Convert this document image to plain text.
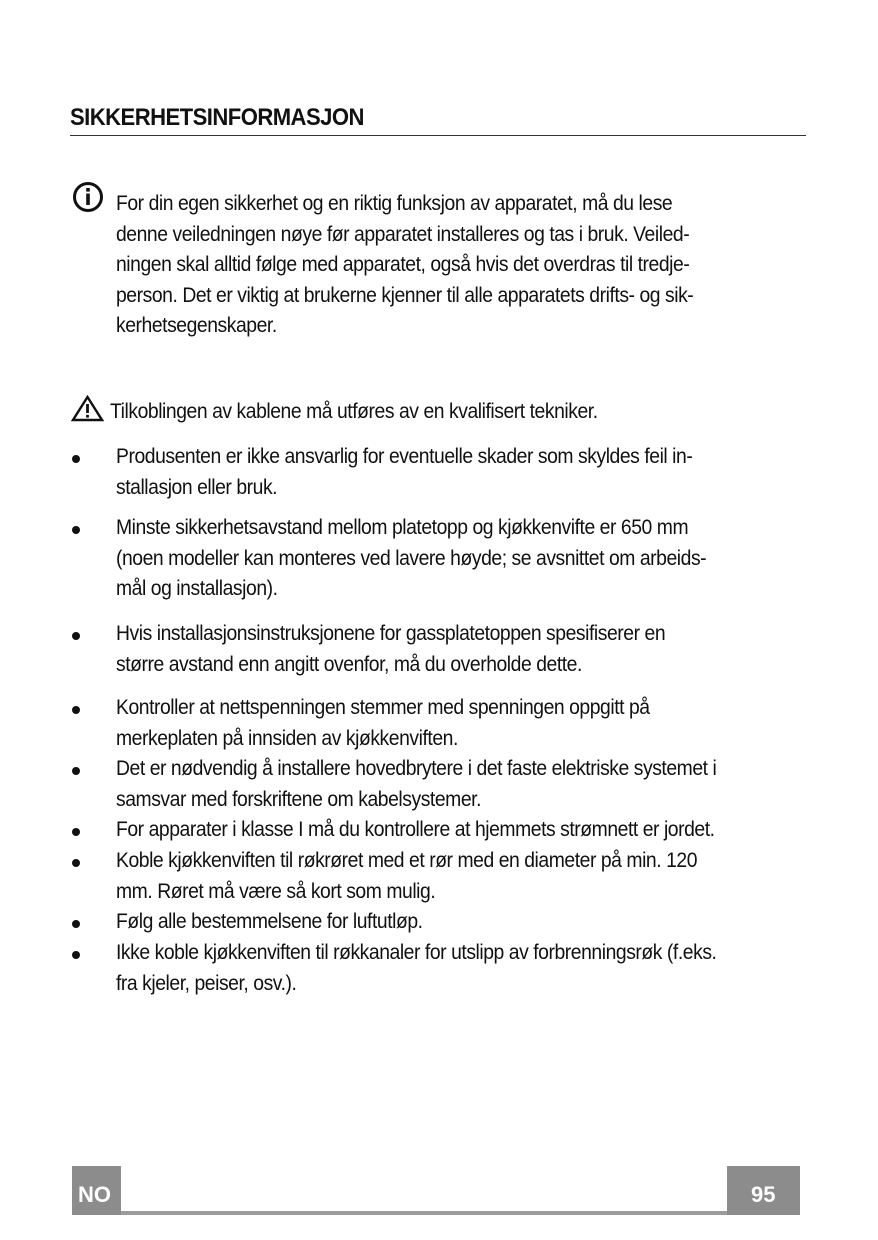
SIKKERHETSINFORMASJON
For din egen sikkerhet og en riktig funksjon av apparatet, må du lese
denne veiledningen nøye før apparatet installeres og tas i bruk. Veiled-
ningen skal alltid følge med apparatet, også hvis det overdras til tredje-
person. Det er viktig at brukerne kjenner til alle apparatets drifts- og sik-
kerhetsegenskaper.
Tilkoblingen av kablene må utføres av en kvalifisert tekniker.
Produsenten er ikke ansvarlig for eventuelle skader som skyldes feil in-
stallasjon eller bruk.
Minste sikkerhetsavstand mellom platetopp og kjøkkenvifte er 650 mm
(noen modeller kan monteres ved lavere høyde; se avsnittet om arbeids-
mål og installasjon).
Hvis installasjonsinstruksjonene for gassplatetoppen spesifiserer en
større avstand enn angitt ovenfor, må du overholde dette.
Kontroller at nettspenningen stemmer med spenningen oppgitt på
merkeplaten på innsiden av kjøkkenviften.
Det er nødvendig å installere hovedbrytere i det faste elektriske systemet i
samsvar med forskriftene om kabelsystemer.
For apparater i klasse I må du kontrollere at hjemmets strømnett er jordet.
Koble kjøkkenviften til røkrøret med et rør med en diameter på min. 120
mm. Røret må være så kort som mulig.
Følg alle bestemmelsene for luftutløp.
Ikke koble kjøkkenviften til røkkanaler for utslipp av forbrenningsrøk (f.eks.
fra kjeler, peiser, osv.).
NO	95
